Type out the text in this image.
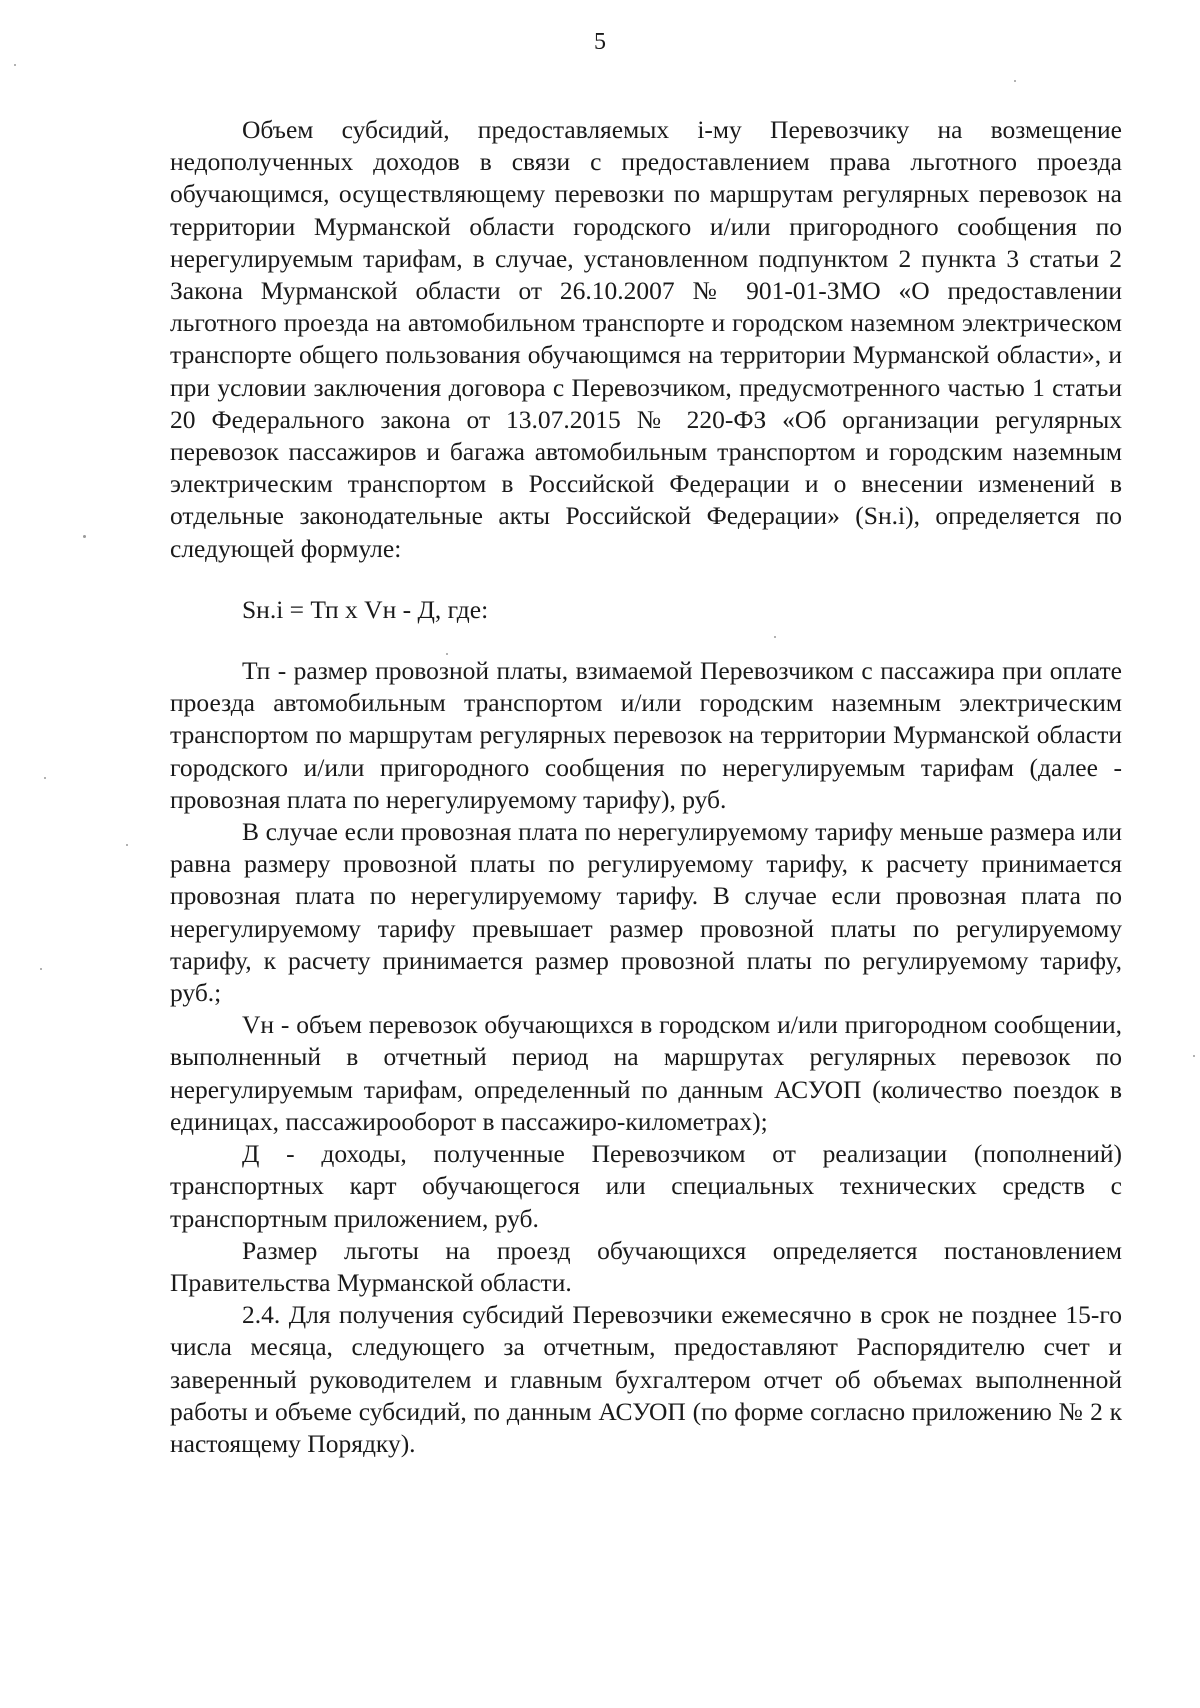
5

Объем субсидий, предоставляемых i-му Перевозчику на возмещение недополученных доходов в связи с предоставлением права льготного проезда обучающимся, осуществляющему перевозки по маршрутам регулярных перевозок на территории Мурманской области городского и/или пригородного сообщения по нерегулируемым тарифам, в случае, установленном подпунктом 2 пункта 3 статьи 2 Закона Мурманской области от 26.10.2007 № 901-01-ЗМО «О предоставлении льготного проезда на автомобильном транспорте и городском наземном электрическом транспорте общего пользования обучающимся на территории Мурманской области», и при условии заключения договора с Перевозчиком, предусмотренного частью 1 статьи 20 Федерального закона от 13.07.2015 № 220-ФЗ «Об организации регулярных перевозок пассажиров и багажа автомобильным транспортом и городским наземным электрическим транспортом в Российской Федерации и о внесении изменений в отдельные законодательные акты Российской Федерации» (Sн.i), определяется по следующей формуле:

Sн.i = Тп х Vн - Д, где:

Тп - размер провозной платы, взимаемой Перевозчиком с пассажира при оплате проезда автомобильным транспортом и/или городским наземным электрическим транспортом по маршрутам регулярных перевозок на территории Мурманской области городского и/или пригородного сообщения по нерегулируемым тарифам (далее - провозная плата по нерегулируемому тарифу), руб.

В случае если провозная плата по нерегулируемому тарифу меньше размера или равна размеру провозной платы по регулируемому тарифу, к расчету принимается провозная плата по нерегулируемому тарифу. В случае если провозная плата по нерегулируемому тарифу превышает размер провозной платы по регулируемому тарифу, к расчету принимается размер провозной платы по регулируемому тарифу, руб.;

Vн - объем перевозок обучающихся в городском и/или пригородном сообщении, выполненный в отчетный период на маршрутах регулярных перевозок по нерегулируемым тарифам, определенный по данным АСУОП (количество поездок в единицах, пассажирооборот в пассажиро-километрах);

Д - доходы, полученные Перевозчиком от реализации (пополнений) транспортных карт обучающегося или специальных технических средств с транспортным приложением, руб.

Размер льготы на проезд обучающихся определяется постановлением Правительства Мурманской области.

2.4. Для получения субсидий Перевозчики ежемесячно в срок не позднее 15-го числа месяца, следующего за отчетным, предоставляют Распорядителю счет и заверенный руководителем и главным бухгалтером отчет об объемах выполненной работы и объеме субсидий, по данным АСУОП (по форме согласно приложению № 2 к настоящему Порядку).
